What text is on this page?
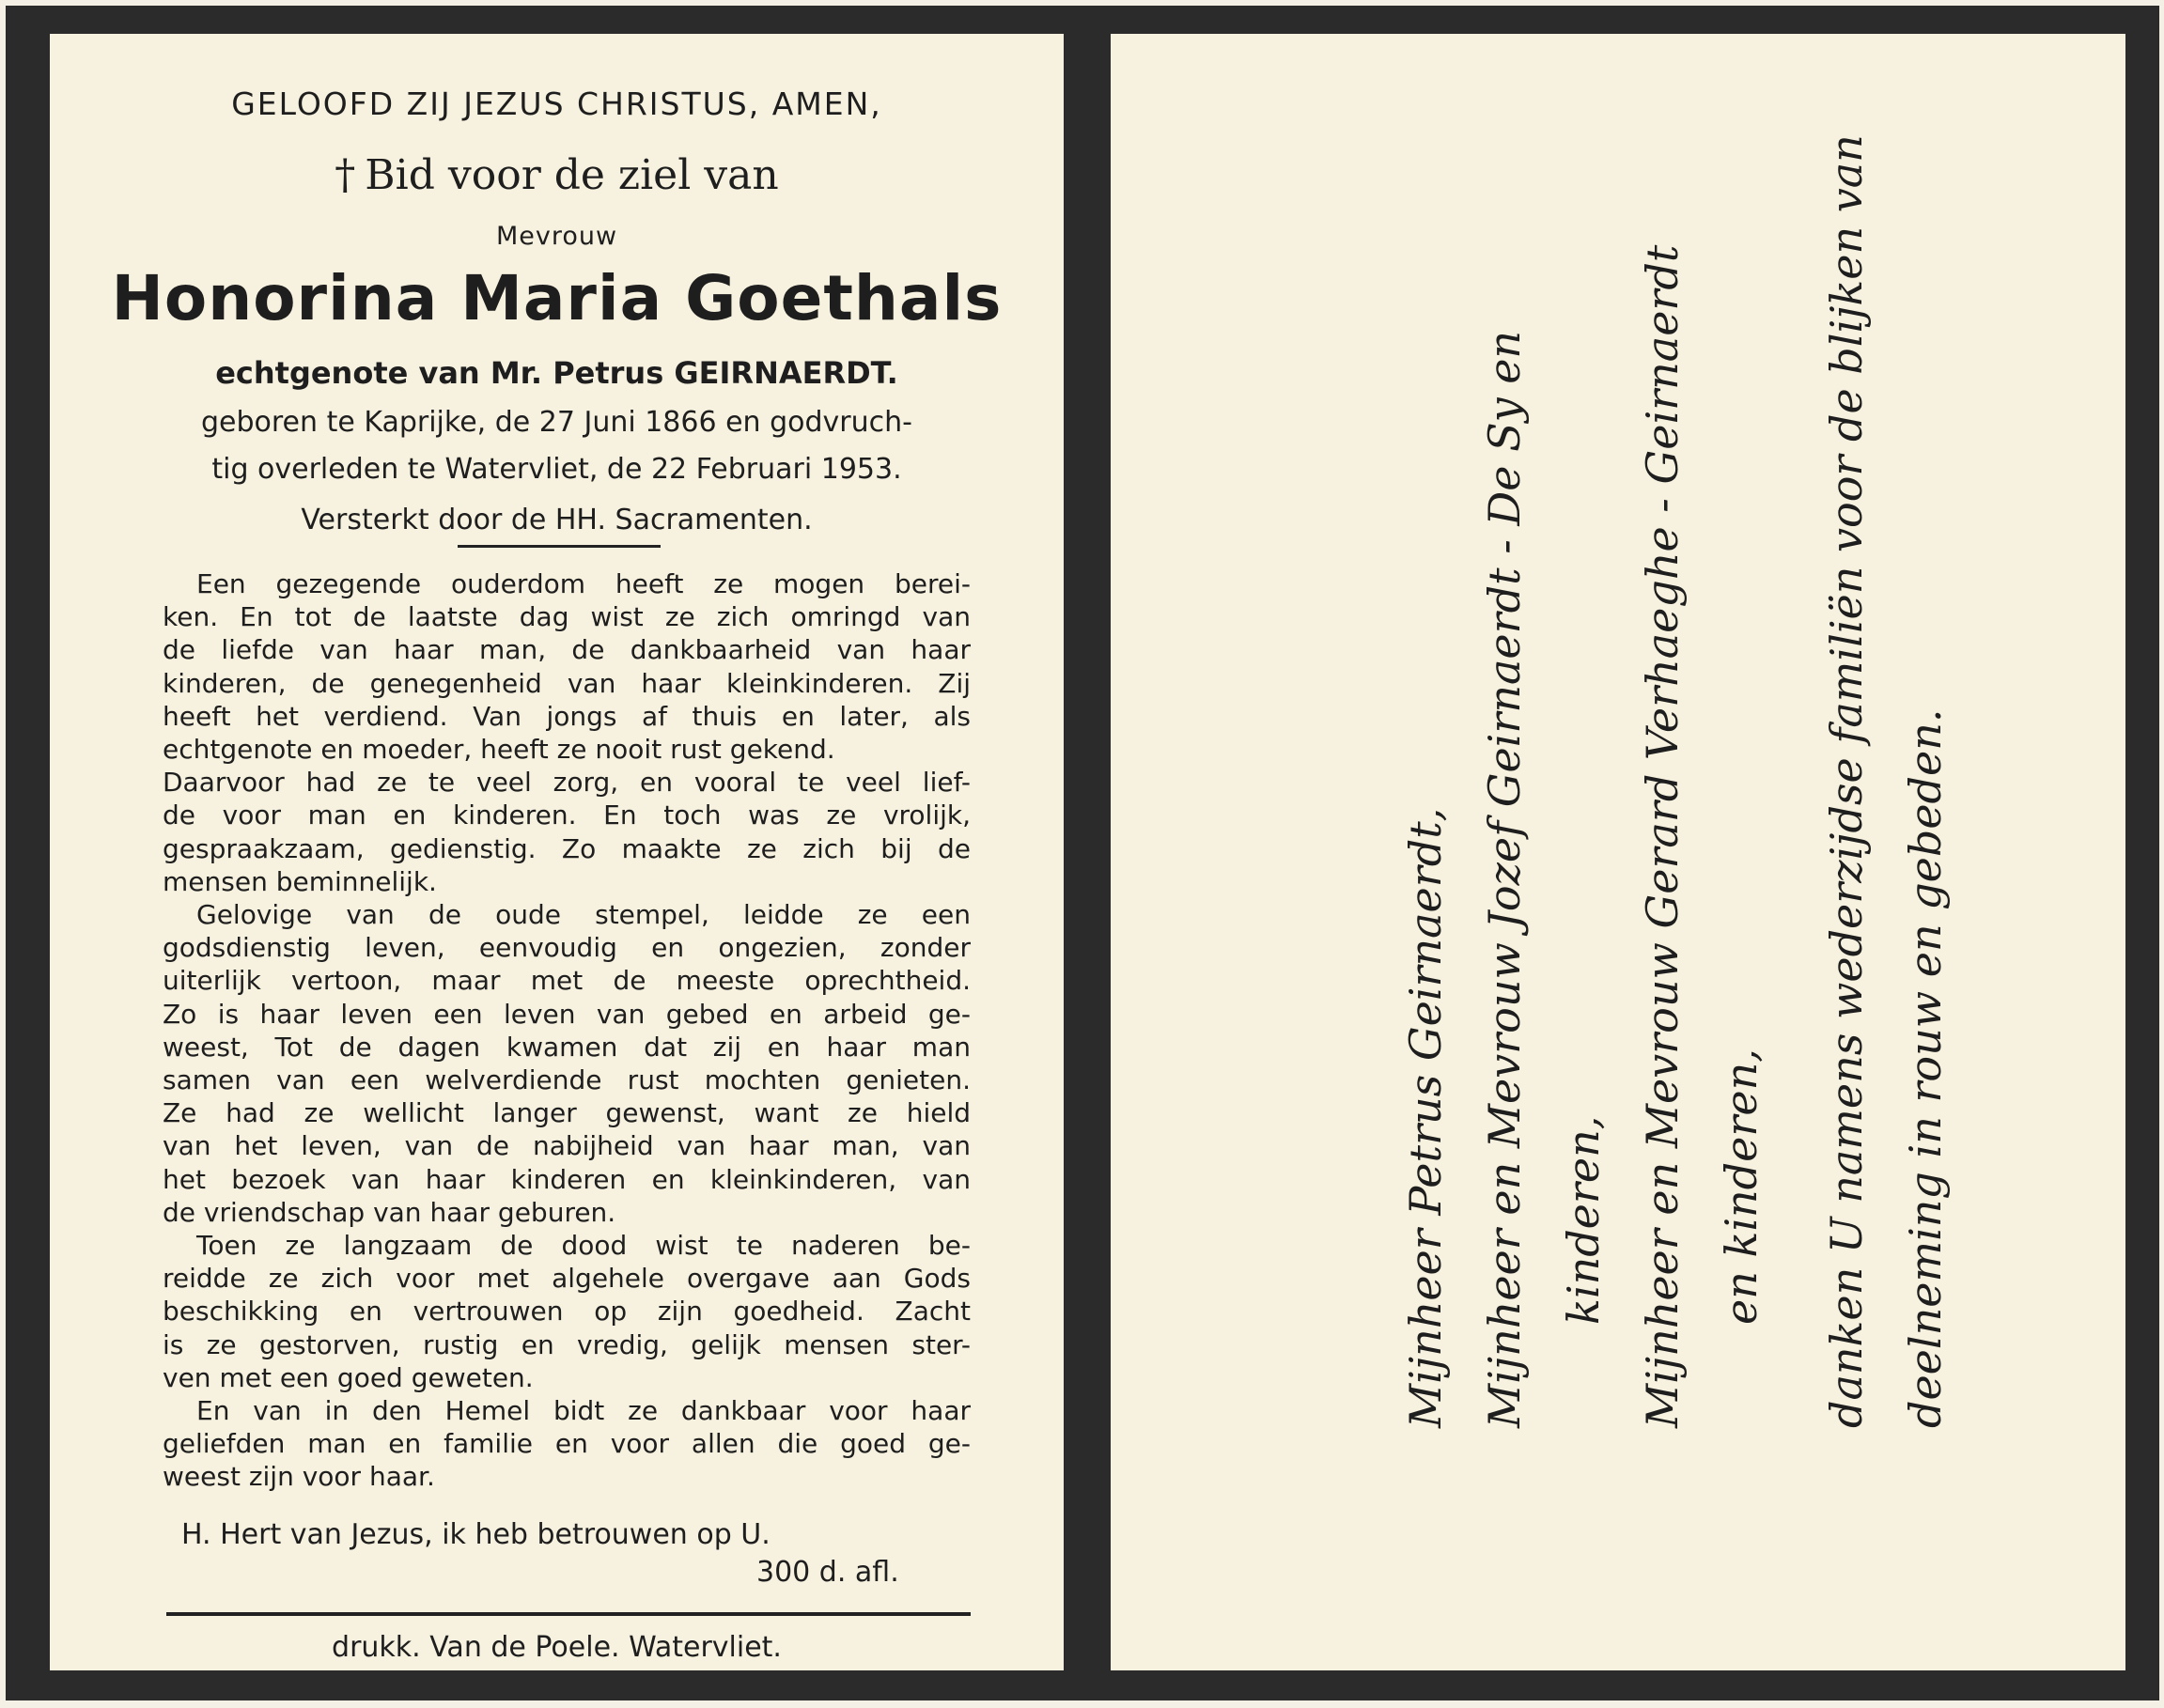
GELOOFD ZIJ JEZUS CHRISTUS, AMEN,
† Bid voor de ziel van
Mevrouw
Honorina Maria Goethals
echtgenote van Mr. Petrus GEIRNAERDT.
geboren te Kaprijke, de 27 Juni 1866 en godvruch-
tig overleden te Watervliet, de 22 Februari 1953.
Versterkt door de HH. Sacramenten.
Een gezegende ouderdom heeft ze mogen berei-
ken. En tot de laatste dag wist ze zich omringd van
de liefde van haar man, de dankbaarheid van haar
kinderen, de genegenheid van haar kleinkinderen. Zij
heeft het verdiend. Van jongs af thuis en later, als
echtgenote en moeder, heeft ze nooit rust gekend.
Daarvoor had ze te veel zorg, en vooral te veel lief-
de voor man en kinderen. En toch was ze vrolijk,
gespraakzaam, gedienstig. Zo maakte ze zich bij de
mensen beminnelijk.
Gelovige van de oude stempel, leidde ze een
godsdienstig leven, eenvoudig en ongezien, zonder
uiterlijk vertoon, maar met de meeste oprechtheid.
Zo is haar leven een leven van gebed en arbeid ge-
weest, Tot de dagen kwamen dat zij en haar man
samen van een welverdiende rust mochten genieten.
Ze had ze wellicht langer gewenst, want ze hield
van het leven, van de nabijheid van haar man, van
het bezoek van haar kinderen en kleinkinderen, van
de vriendschap van haar geburen.
Toen ze langzaam de dood wist te naderen be-
reidde ze zich voor met algehele overgave aan Gods
beschikking en vertrouwen op zijn goedheid. Zacht
is ze gestorven, rustig en vredig, gelijk mensen ster-
ven met een goed geweten.
En van in den Hemel bidt ze dankbaar voor haar
geliefden man en familie en voor allen die goed ge-
weest zijn voor haar.
H. Hert van Jezus, ik heb betrouwen op U.
300 d. afl.
drukk. Van de Poele. Watervliet.
Mijnheer Petrus Geirnaerdt, Mijnheer en Mevrouw Jozef Geirnaerdt - De Sy en kinderen, Mijnheer en Mevrouw Gerard Verhaeghe - Geirnaerdt en kinderen,	danken U namens wederzijdse familiën voor de blijken van deelneming in rouw en gebeden.
